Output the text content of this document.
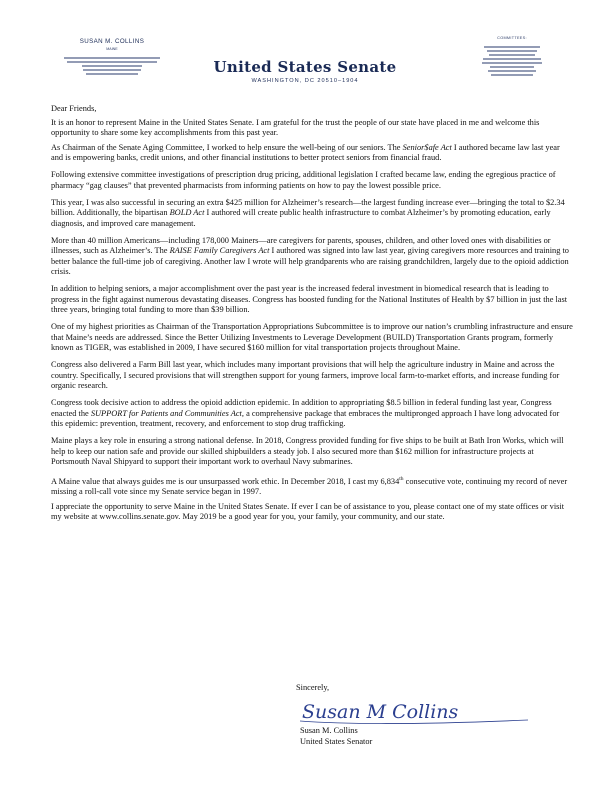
SUSAN M. COLLINS
MAINE
United States Senate
WASHINGTON, DC 20510–1904
COMMITTEES:

Dear Friends,

It is an honor to represent Maine in the United States Senate. I am grateful for the trust the people of our state have placed in me and welcome this opportunity to share some key accomplishments from this past year.

As Chairman of the Senate Aging Committee, I worked to help ensure the well-being of our seniors. The Senior$afe Act I authored became law last year and is empowering banks, credit unions, and other financial institutions to better protect seniors from financial fraud.

Following extensive committee investigations of prescription drug pricing, additional legislation I crafted became law, ending the egregious practice of pharmacy “gag clauses” that prevented pharmacists from informing patients on how to pay the lowest possible price.

This year, I was also successful in securing an extra $425 million for Alzheimer’s research—the largest funding increase ever—bringing the total to $2.34 billion. Additionally, the bipartisan BOLD Act I authored will create public health infrastructure to combat Alzheimer’s by promoting education, early diagnosis, and improved care management.

More than 40 million Americans—including 178,000 Mainers—are caregivers for parents, spouses, children, and other loved ones with disabilities or illnesses, such as Alzheimer’s. The RAISE Family Caregivers Act I authored was signed into law last year, giving caregivers more resources and training to better balance the full-time job of caregiving. Another law I wrote will help grandparents who are raising grandchildren, largely due to the opioid addiction crisis.

In addition to helping seniors, a major accomplishment over the past year is the increased federal investment in biomedical research that is leading to progress in the fight against numerous devastating diseases. Congress has boosted funding for the National Institutes of Health by $7 billion in just the last three years, bringing total funding to more than $39 billion.

One of my highest priorities as Chairman of the Transportation Appropriations Subcommittee is to improve our nation’s crumbling infrastructure and ensure that Maine’s needs are addressed. Since the Better Utilizing Investments to Leverage Development (BUILD) Transportation Grants program, formerly known as TIGER, was established in 2009, I have secured $160 million for vital transportation projects throughout Maine.

Congress also delivered a Farm Bill last year, which includes many important provisions that will help the agriculture industry in Maine and across the country. Specifically, I secured provisions that will strengthen support for young farmers, improve local farm-to-market efforts, and increase funding for organic research.

Congress took decisive action to address the opioid addiction epidemic. In addition to appropriating $8.5 billion in federal funding last year, Congress enacted the SUPPORT for Patients and Communities Act, a comprehensive package that embraces the multipronged approach I have long advocated for this epidemic: prevention, treatment, recovery, and enforcement to stop drug trafficking.

Maine plays a key role in ensuring a strong national defense. In 2018, Congress provided funding for five ships to be built at Bath Iron Works, which will help to keep our nation safe and provide our skilled shipbuilders a steady job. I also secured more than $162 million for infrastructure projects at Portsmouth Naval Shipyard to support their important work to overhaul Navy submarines.

A Maine value that always guides me is our unsurpassed work ethic. In December 2018, I cast my 6,834th consecutive vote, continuing my record of never missing a roll-call vote since my Senate service began in 1997.

I appreciate the opportunity to serve Maine in the United States Senate. If ever I can be of assistance to you, please contact one of my state offices or visit my website at www.collins.senate.gov. May 2019 be a good year for you, your family, your community, and our state.

Sincerely,
Susan M Collins
Susan M. Collins
United States Senator
